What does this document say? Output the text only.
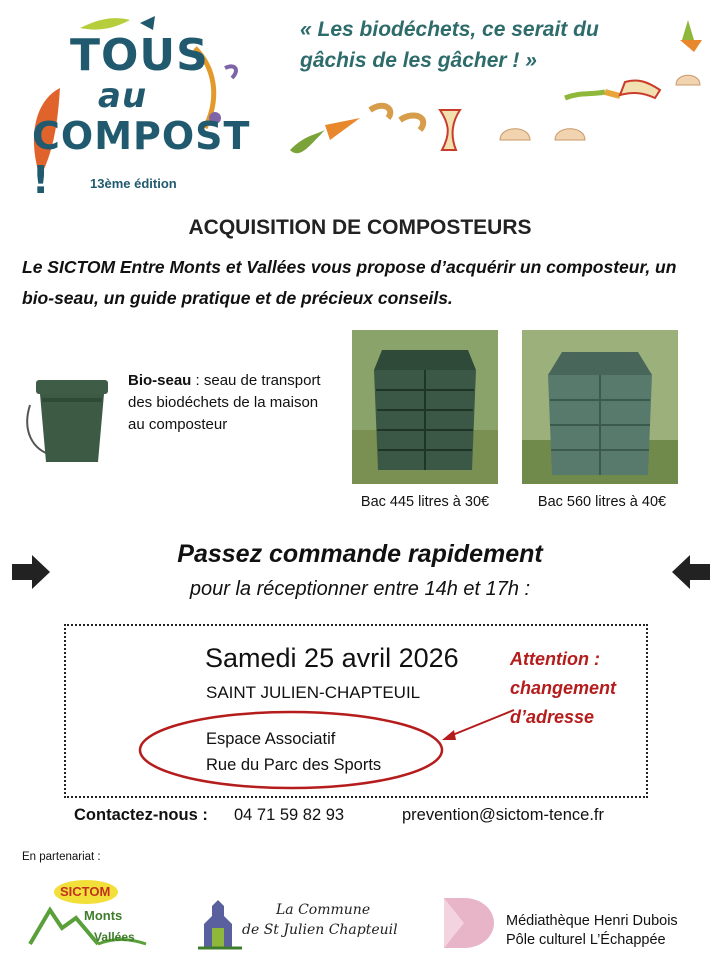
TOUS
au
COMPOST !	13ème édition
« Les biodéchets, ce serait du gâchis de les gâcher ! »
ACQUISITION DE COMPOSTEURS
Le SICTOM Entre Monts et Vallées vous propose d’acquérir un composteur, un bio-seau, un guide pratique et de précieux conseils.
Bio-seau : seau de transport des biodéchets de la maison au composteur
Bac 445 litres à 30€	Bac 560 litres à 40€
Passez commande rapidement
pour la réceptionner entre 14h et 17h :
Samedi 25 avril 2026
SAINT JULIEN-CHAPTEUIL
Espace Associatif
Rue du Parc des Sports
Attention : changement d’adresse
Contactez-nous : 04 71 59 82 93	prevention@sictom-tence.fr
En partenariat :
SICTOM
Monts
Vallées
La Commune
de St Julien Chapteuil
Médiathèque Henri Dubois
Pôle culturel L’Échappée
